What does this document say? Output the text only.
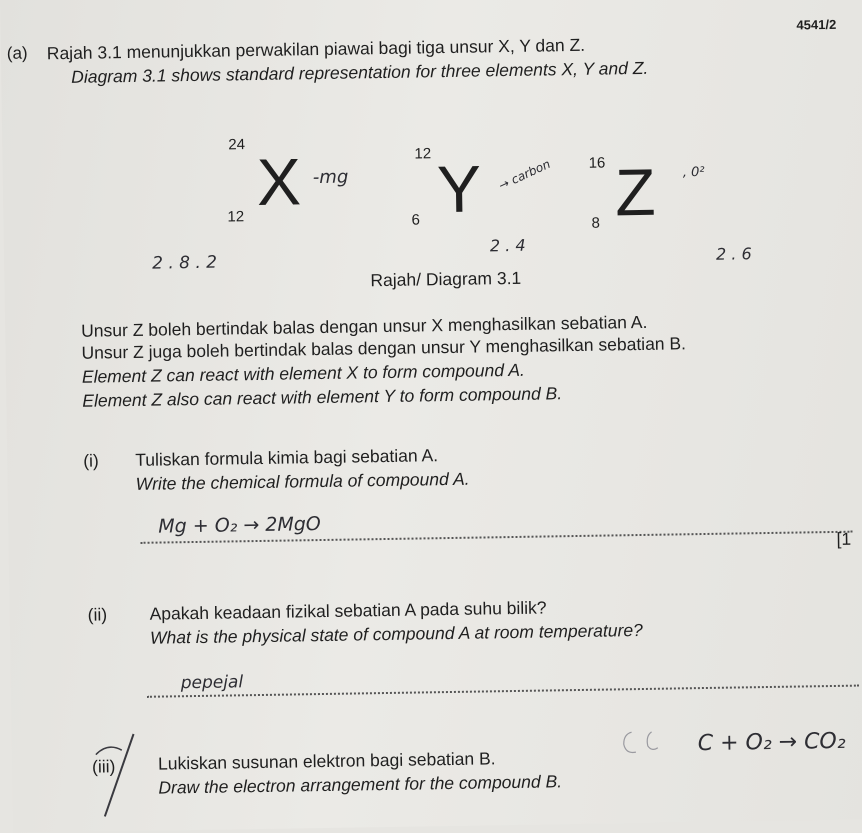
4541/2
(a) Rajah 3.1 menunjukkan perwakilan piawai bagi tiga unsur X, Y dan Z.
Diagram 3.1 shows standard representation for three elements X, Y and Z.
24
12 X -mg
2 . 8 . 2
12
6 Y → carbon
2 . 4
16
8 Z , 0²
2 . 6
Rajah/ Diagram 3.1
Unsur Z boleh bertindak balas dengan unsur X menghasilkan sebatian A.
Unsur Z juga boleh bertindak balas dengan unsur Y menghasilkan sebatian B.
Element Z can react with element X to form compound A.
Element Z also can react with element Y to form compound B.
(i) Tuliskan formula kimia bagi sebatian A.
Write the chemical formula of compound A.
Mg + O₂ → 2MgO
[1
(ii) Apakah keadaan fizikal sebatian A pada suhu bilik?
What is the physical state of compound A at room temperature?
pepejal
(iii) Lukiskan susunan elektron bagi sebatian B.
Draw the electron arrangement for the compound B.
C + O₂ → CO₂
